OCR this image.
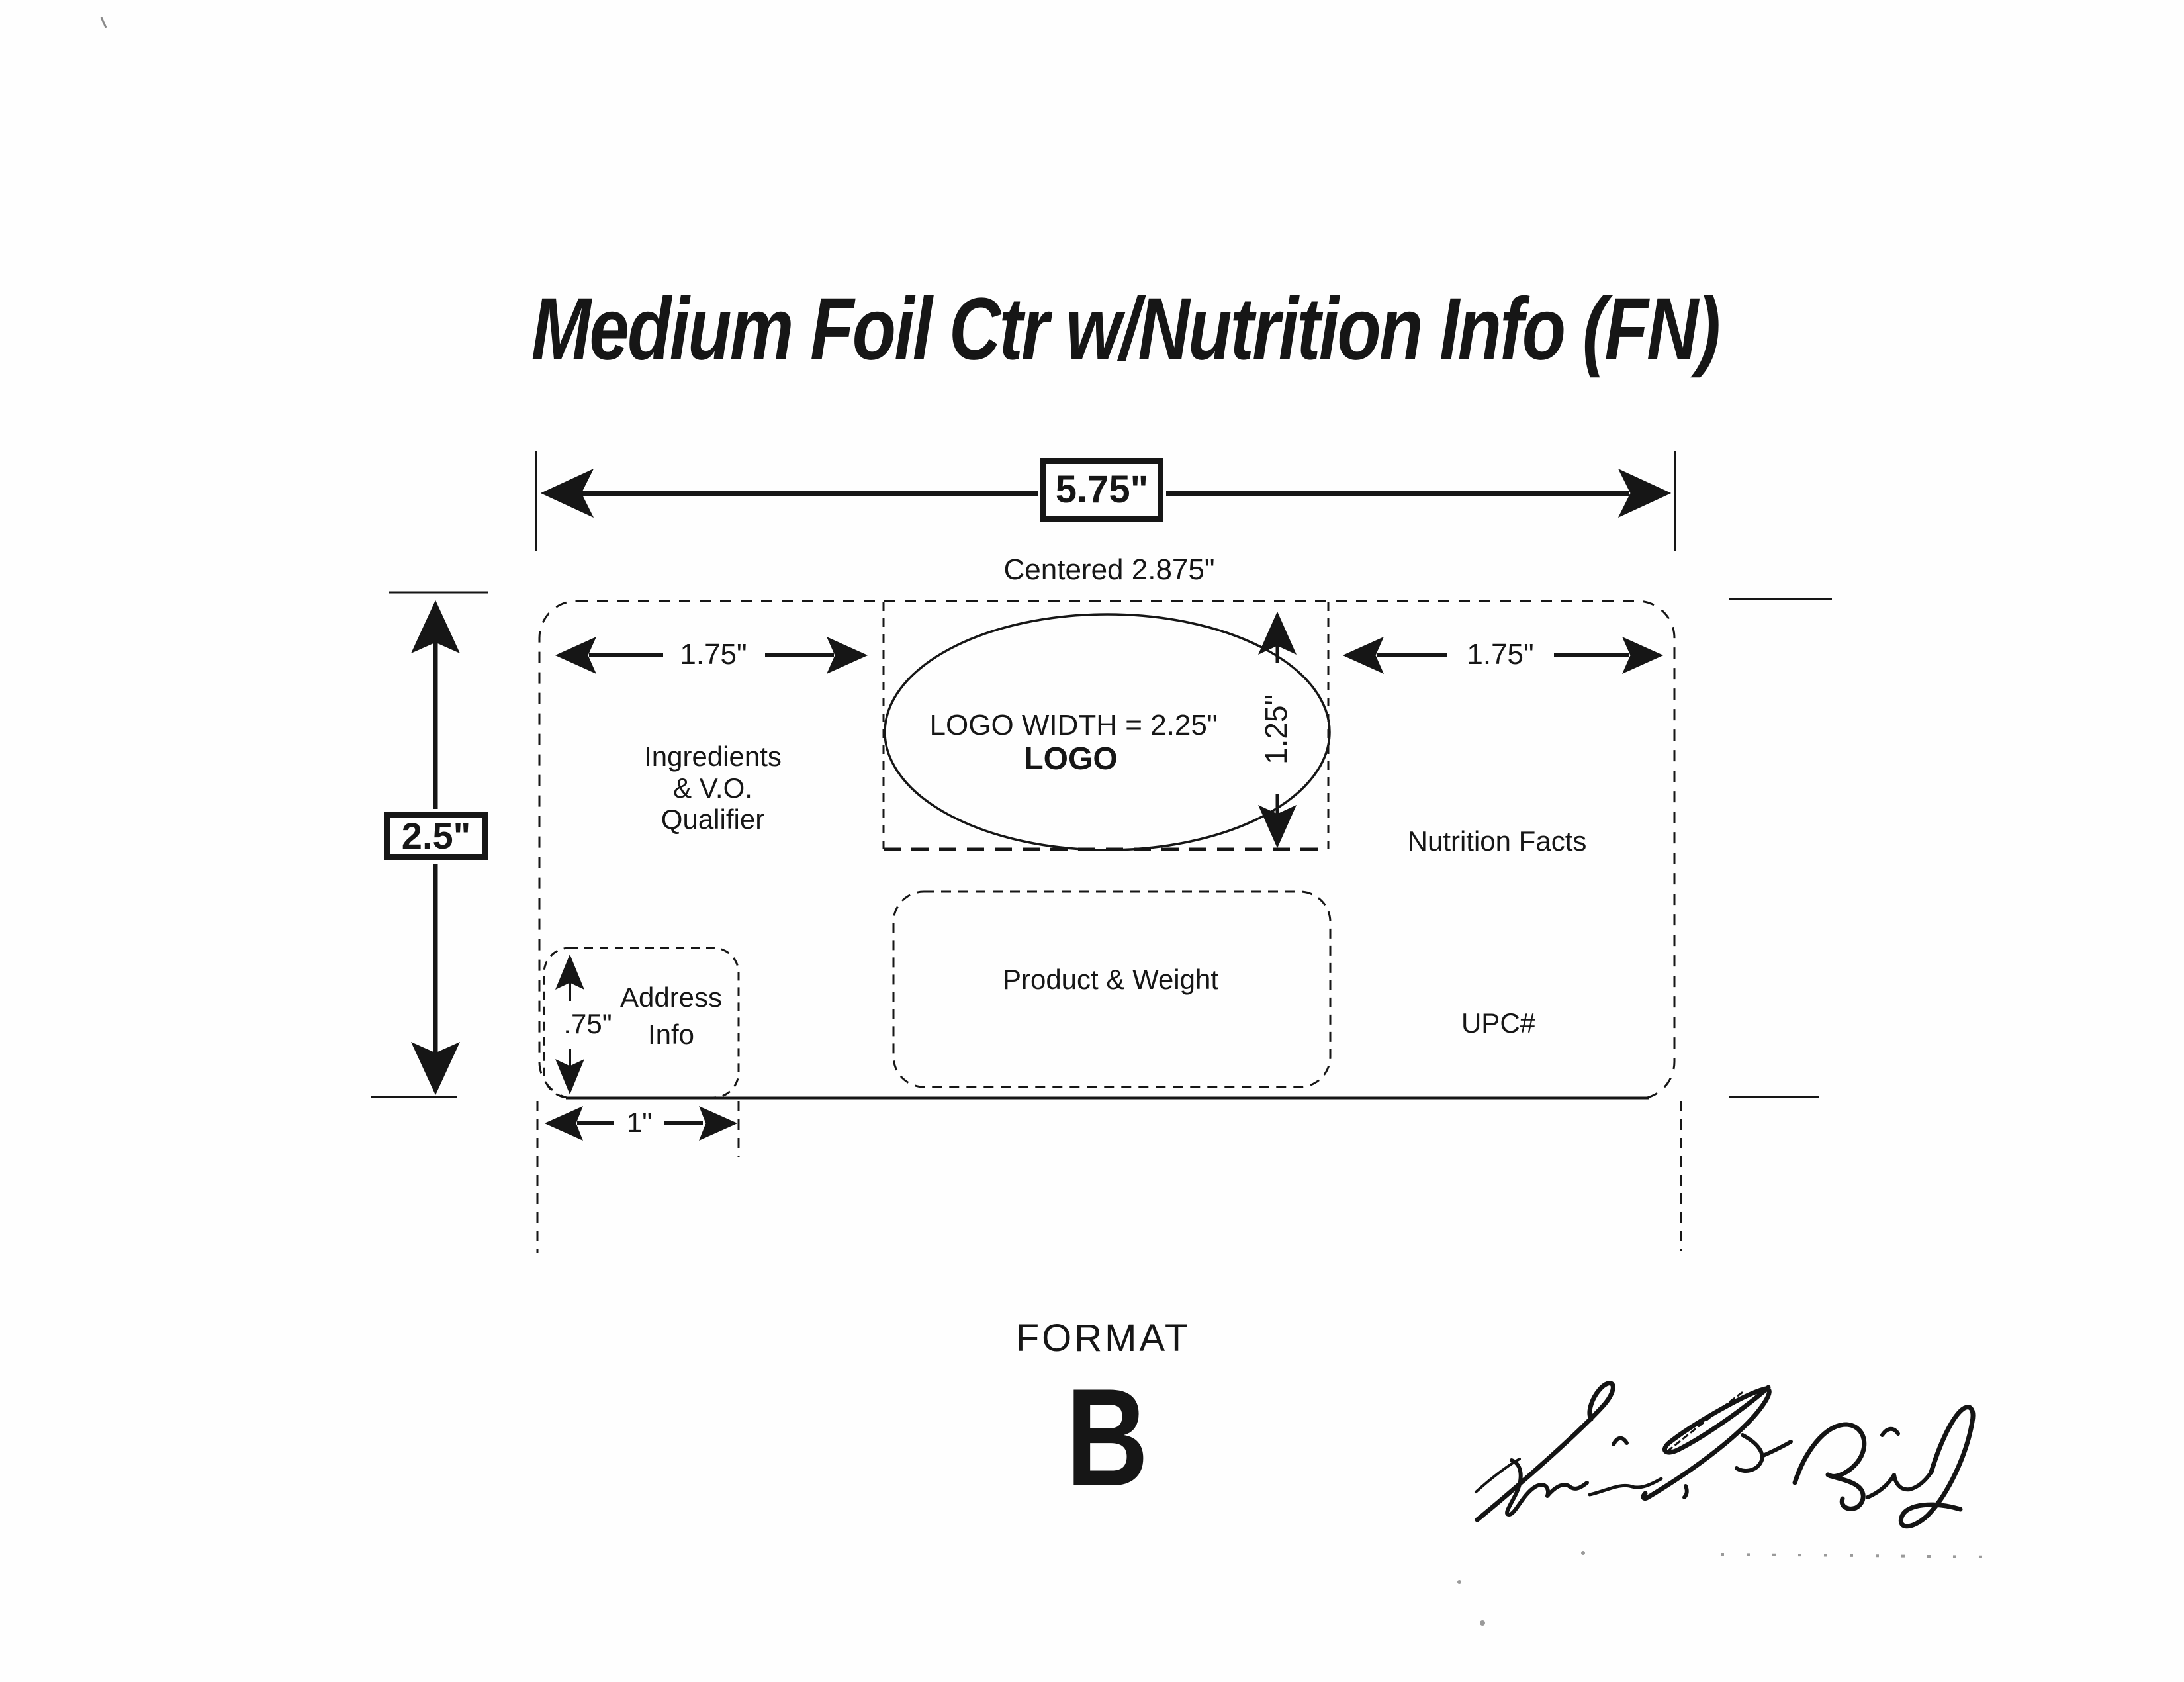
Medium Foil Ctr w/Nutrition Info (FN)
5.75"
Centered 2.875"
2.5"
1.75"	1.75"
Ingredients
& V.O.
Qualifier
LOGO WIDTH = 2.25"
LOGO	1.25"
Nutrition Facts
UPC#
Product & Weight
.75"
Address
Info
1"
FORMAT
B
